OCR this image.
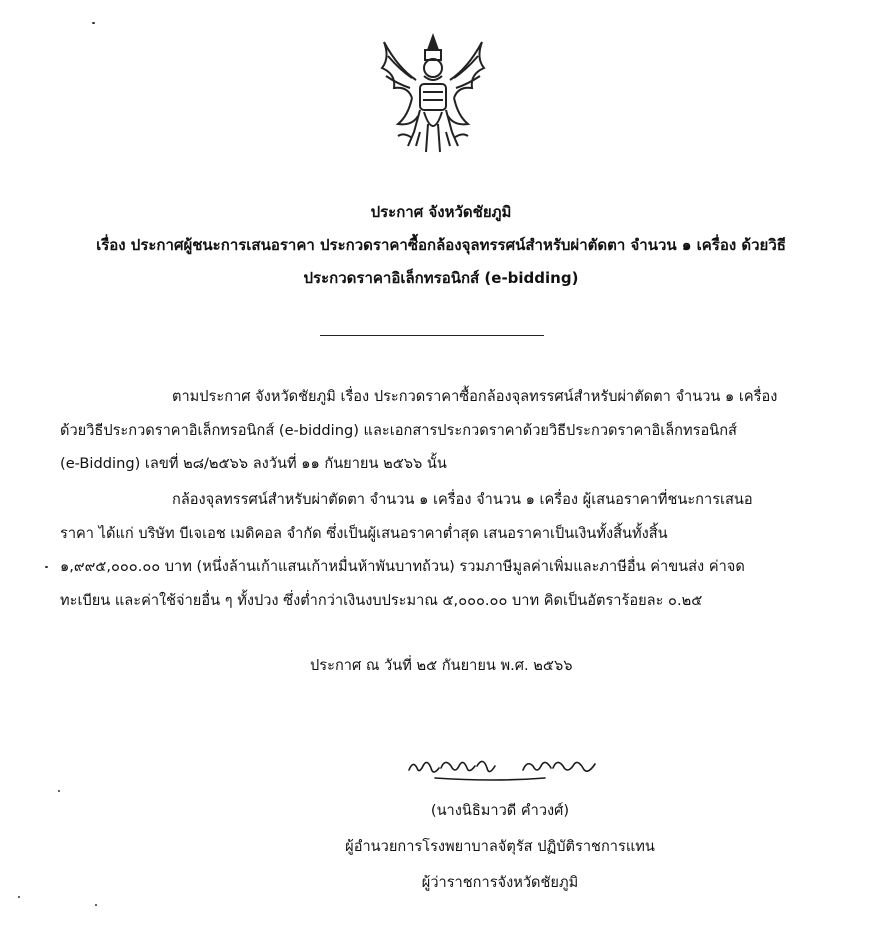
ประกาศ จังหวัดชัยภูมิ
เรื่อง ประกาศผู้ชนะการเสนอราคา ประกวดราคาซื้อกล้องจุลทรรศน์สำหรับผ่าตัดตา จำนวน ๑ เครื่อง ด้วยวิธี
ประกวดราคาอิเล็กทรอนิกส์ (e-bidding)
ตามประกาศ จังหวัดชัยภูมิ เรื่อง ประกวดราคาซื้อกล้องจุลทรรศน์สำหรับผ่าตัดตา จำนวน ๑ เครื่อง
ด้วยวิธีประกวดราคาอิเล็กทรอนิกส์ (e-bidding) และเอกสารประกวดราคาด้วยวิธีประกวดราคาอิเล็กทรอนิกส์
(e-Bidding) เลขที่ ๒๘/๒๕๖๖ ลงวันที่ ๑๑ กันยายน ๒๕๖๖ นั้น
กล้องจุลทรรศน์สำหรับผ่าตัดตา จำนวน ๑ เครื่อง จำนวน ๑ เครื่อง ผู้เสนอราคาที่ชนะการเสนอ
ราคา ได้แก่ บริษัท บีเจเอช เมดิคอล จำกัด ซึ่งเป็นผู้เสนอราคาต่ำสุด เสนอราคาเป็นเงินทั้งสิ้นทั้งสิ้น
๑,๙๙๕,๐๐๐.๐๐ บาท (หนึ่งล้านเก้าแสนเก้าหมื่นห้าพันบาทถ้วน) รวมภาษีมูลค่าเพิ่มและภาษีอื่น ค่าขนส่ง ค่าจด
ทะเบียน และค่าใช้จ่ายอื่น ๆ ทั้งปวง ซึ่งต่ำกว่าเงินงบประมาณ ๕,๐๐๐.๐๐ บาท คิดเป็นอัตราร้อยละ ๐.๒๕
ประกาศ ณ วันที่ ๒๕ กันยายน พ.ศ. ๒๕๖๖
(นางนิธิมาวดี คำวงศ์)
ผู้อำนวยการโรงพยาบาลจัตุรัส ปฏิบัติราชการแทน
ผู้ว่าราชการจังหวัดชัยภูมิ
